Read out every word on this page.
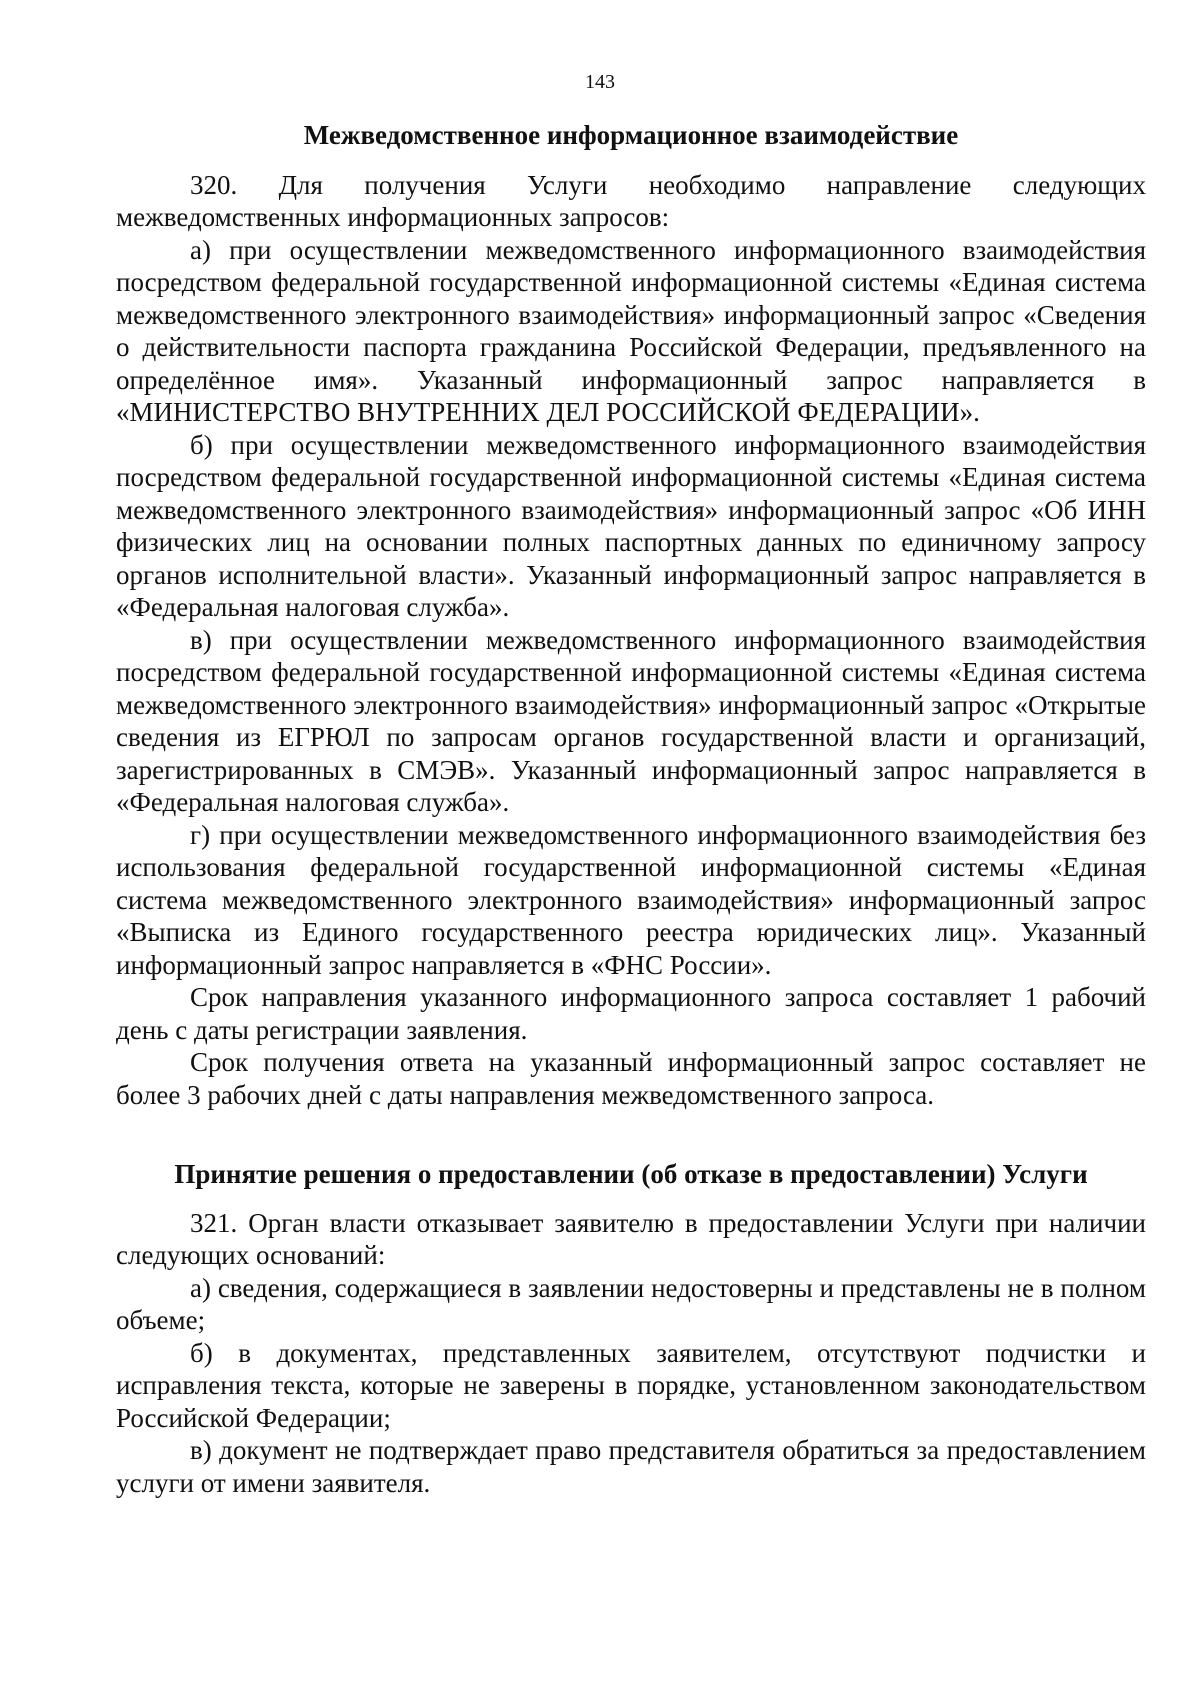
143
Межведомственное информационное взаимодействие

320. Для получения Услуги необходимо направление следующих межведомственных информационных запросов:

а) при осуществлении межведомственного информационного взаимодействия посредством федеральной государственной информационной системы «Единая система межведомственного электронного взаимодействия» информационный запрос «Сведения о действительности паспорта гражданина Российской Федерации, предъявленного на определённое имя». Указанный информационный запрос направляется в «МИНИСТЕРСТВО ВНУТРЕННИХ ДЕЛ РОССИЙСКОЙ ФЕДЕРАЦИИ».

б) при осуществлении межведомственного информационного взаимодействия посредством федеральной государственной информационной системы «Единая система межведомственного электронного взаимодействия» информационный запрос «Об ИНН физических лиц на основании полных паспортных данных по единичному запросу органов исполнительной власти». Указанный информационный запрос направляется в «Федеральная налоговая служба».

в) при осуществлении межведомственного информационного взаимодействия посредством федеральной государственной информационной системы «Единая система межведомственного электронного взаимодействия» информационный запрос «Открытые сведения из ЕГРЮЛ по запросам органов государственной власти и организаций, зарегистрированных в СМЭВ». Указанный информационный запрос направляется в «Федеральная налоговая служба».

г) при осуществлении межведомственного информационного взаимодействия без использования федеральной государственной информационной системы «Единая система межведомственного электронного взаимодействия» информационный запрос «Выписка из Единого государственного реестра юридических лиц». Указанный информационный запрос направляется в «ФНС России».

Срок направления указанного информационного запроса составляет 1 рабочий день с даты регистрации заявления.

Срок получения ответа на указанный информационный запрос составляет не более 3 рабочих дней с даты направления межведомственного запроса.

Принятие решения о предоставлении (об отказе в предоставлении) Услуги

321. Орган власти отказывает заявителю в предоставлении Услуги при наличии следующих оснований:

а) сведения, содержащиеся в заявлении недостоверны и представлены не в полном объеме;

б) в документах, представленных заявителем, отсутствуют подчистки и исправления текста, которые не заверены в порядке, установленном законодательством Российской Федерации;

в) документ не подтверждает право представителя обратиться за предоставлением услуги от имени заявителя.
